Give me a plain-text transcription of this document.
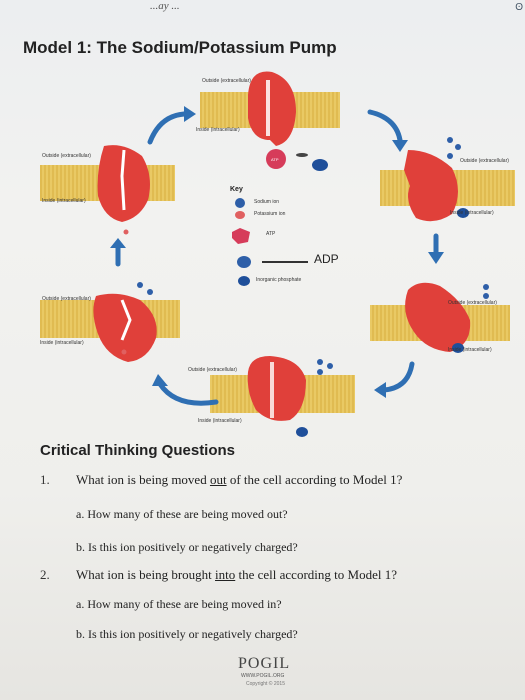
...ay ...	ʘ
Model 1: The Sodium/Potassium Pump
ATP
Outside (extracellular)
Inside (intracellular)
Outside (extracellular)
Inside (intracellular)
Outside (extracellular)
Inside (intracellular)
Outside (extracellular)
Inside (intracellular)
Outside (extracellular)
Inside (intracellular)
Outside (extracellular)
Inside (intracellular)
Key
Sodium ion
Potassium ion
ATP
ADP
Inorganic phosphate
Critical Thinking Questions
1. What ion is being moved out of the cell according to Model 1?
a. How many of these are being moved out?
b. Is this ion positively or negatively charged?
2. What ion is being brought into the cell according to Model 1?
a. How many of these are being moved in?
b. Is this ion positively or negatively charged?
POGIL
WWW.POGIL.ORG
Copyright © 2015
